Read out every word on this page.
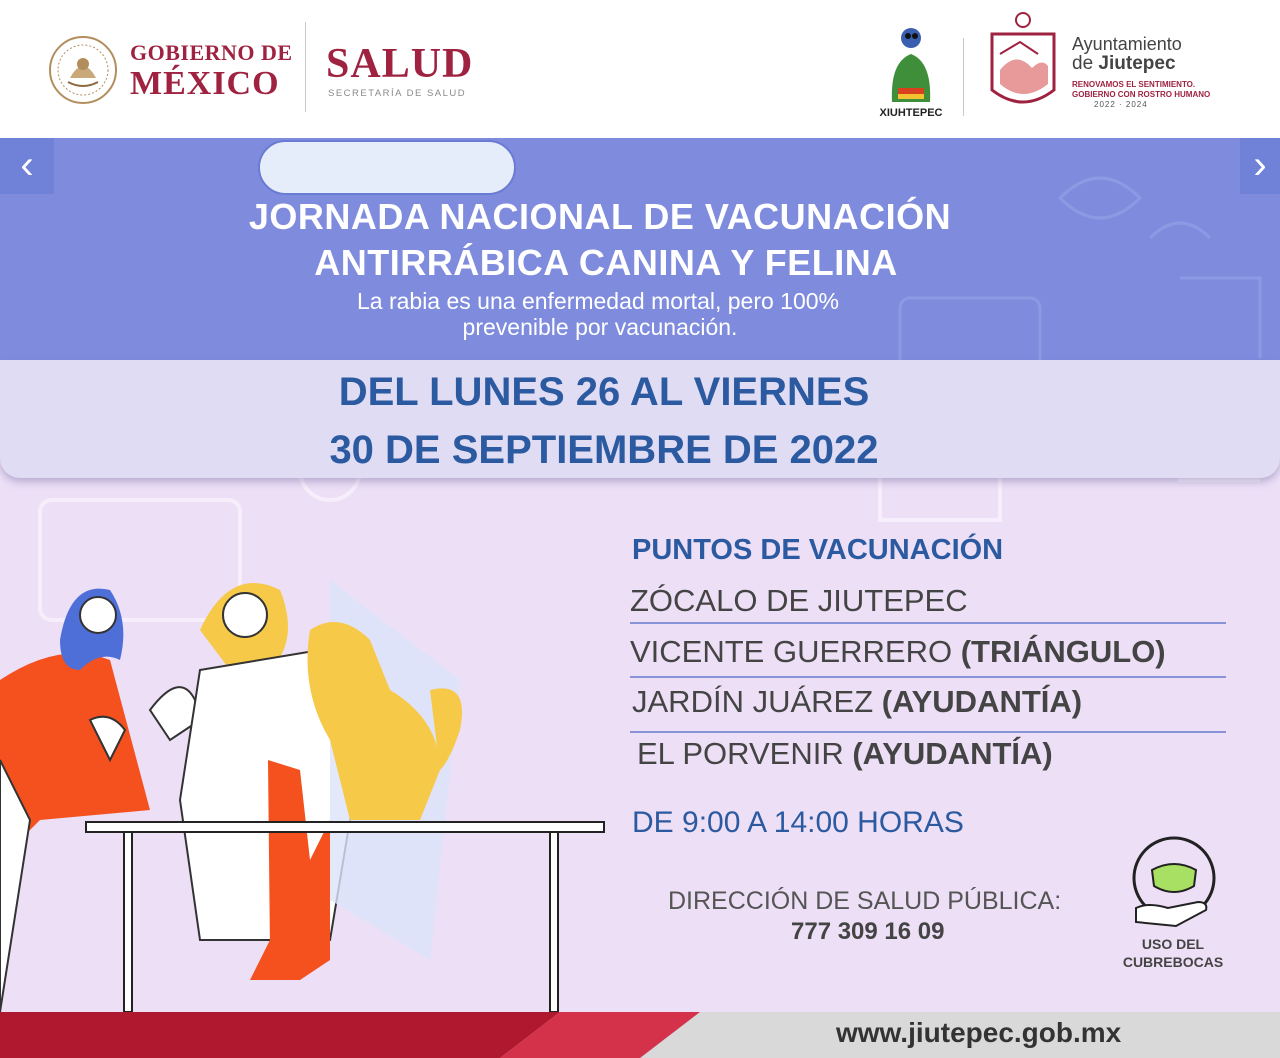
GOBIERNO DE
MÉXICO	SALUD
SECRETARÍA DE SALUD
XIUHTEPEC
Ayuntamiento
de Jiutepec
RENOVAMOS EL SENTIMIENTO.
GOBIERNO CON ROSTRO HUMANO
2022 · 2024
‹	›
JORNADA NACIONAL DE VACUNACIÓN
ANTIRRÁBICA CANINA Y FELINA
La rabia es una enfermedad mortal, pero 100%
prevenible por vacunación.
DEL LUNES 26 AL VIERNES
30 DE SEPTIEMBRE DE 2022
PUNTOS DE VACUNACIÓN
ZÓCALO DE JIUTEPEC
VICENTE GUERRERO (TRIÁNGULO)
JARDÍN JUÁREZ (AYUDANTÍA)
EL PORVENIR (AYUDANTÍA)
DE 9:00 A 14:00 HORAS
DIRECCIÓN DE SALUD PÚBLICA:
777 309 16 09	USO DEL
CUBREBOCAS
www.jiutepec.gob.mx
